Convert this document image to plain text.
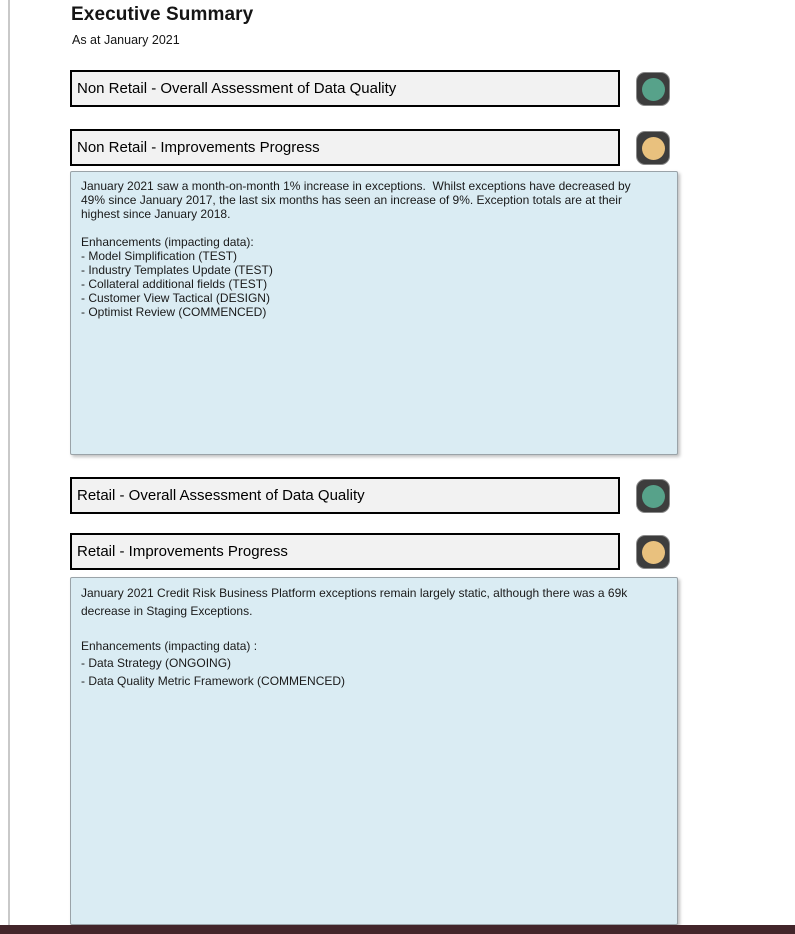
Executive Summary
As at January 2021
Non Retail - Overall Assessment of Data Quality
Non Retail - Improvements Progress

January 2021 saw a month-on-month 1% increase in exceptions.  Whilst exceptions have decreased by 49% since January 2017, the last six months has seen an increase of 9%. Exception totals are at their highest since January 2018.

Enhancements (impacting data):
- Model Simplification (TEST)
- Industry Templates Update (TEST)
- Collateral additional fields (TEST)
- Customer View Tactical (DESIGN)
- Optimist Review (COMMENCED)
Retail - Overall Assessment of Data Quality
Retail - Improvements Progress

January 2021 Credit Risk Business Platform exceptions remain largely static, although there was a 69k decrease in Staging Exceptions.

Enhancements (impacting data) :
- Data Strategy (ONGOING)
- Data Quality Metric Framework (COMMENCED)
